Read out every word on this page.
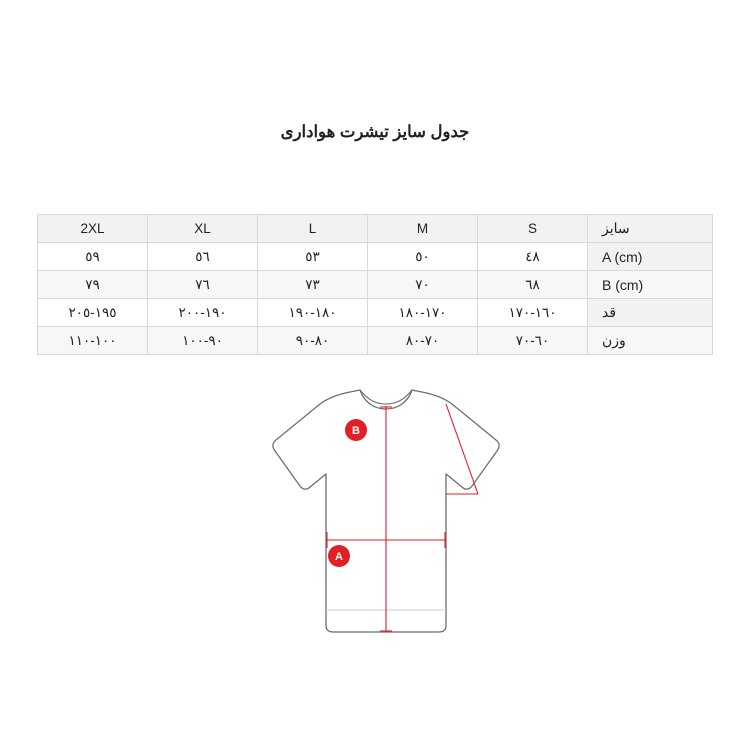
جدول سایز تیشرت هواداری
سایز	S	M	L	XL	2XL
A (cm)	٤٨	٥٠	٥٣	٥٦	٥٩
B (cm)	٦٨	٧٠	٧٣	٧٦	٧٩
قد	١٦٠-١٧٠	١٧٠-١٨٠	١٨٠-١٩٠	١٩٠-٢٠٠	١٩٥-٢٠٥
وزن	٦٠-٧٠	٧٠-٨٠	٨٠-٩٠	٩٠-١٠٠	١٠٠-١١٠
B
A
